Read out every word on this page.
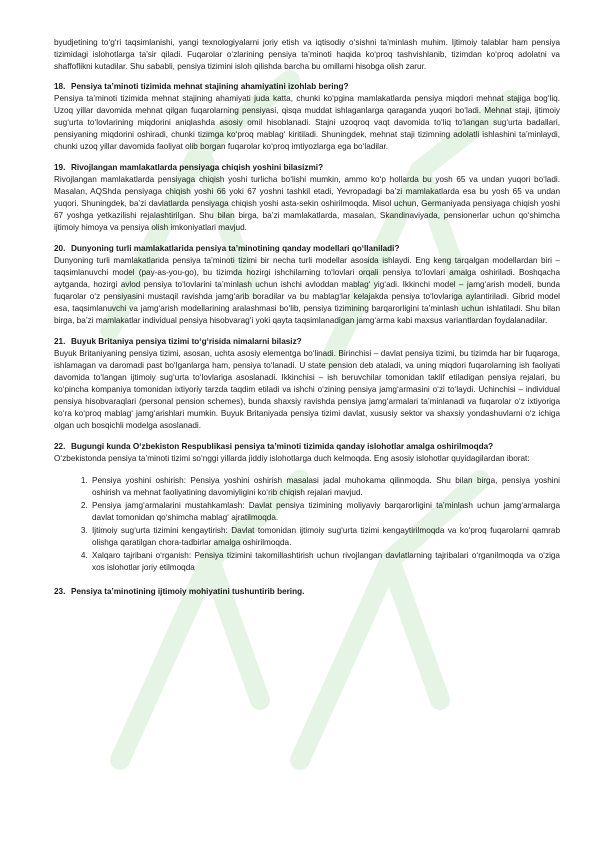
byudjetining to‘g‘ri taqsimlanishi, yangi texnologiyalarni joriy etish va iqtisodiy o‘sishni ta’minlash muhim. Ijtimoiy talablar ham pensiya tizimidagi islohotlarga ta’sir qiladi. Fuqarolar o‘zlarining pensiya ta’minoti haqida ko‘proq tashvishlanib, tizimdan ko‘proq adolatni va shaffoflikni kutadilar. Shu sababli, pensiya tizimini isloh qilishda barcha bu omillarni hisobga olish zarur.

18. Pensiya ta’minoti tizimida mehnat stajining ahamiyatini izohlab bering?

Pensiya ta’minoti tizimida mehnat stajining ahamiyati juda katta, chunki ko‘pgina mamlakatlarda pensiya miqdori mehnat stajiga bog‘liq. Uzoq yillar davomida mehnat qilgan fuqarolarning pensiyasi, qisqa muddat ishlaganlarga qaraganda yuqori bo‘ladi. Mehnat staji, ijtimoiy sug‘urta to‘lovlarining miqdorini aniqlashda asosiy omil hisoblanadi. Stajni uzoqroq vaqt davomida to‘liq to‘langan sug‘urta badallari, pensiyaning miqdorini oshiradi, chunki tizimga ko‘proq mablag‘ kiritiladi. Shuningdek, mehnat staji tizimning adolatli ishlashini ta’minlaydi, chunki uzoq yillar davomida faoliyat olib borgan fuqarolar ko‘proq imtiyozlarga ega bo‘ladilar.

19. Rivojlangan mamlakatlarda pensiyaga chiqish yoshini bilasizmi?

Rivojlangan mamlakatlarda pensiyaga chiqish yoshi turlicha bo‘lishi mumkin, ammo ko‘p hollarda bu yosh 65 va undan yuqori bo‘ladi. Masalan, AQShda pensiyaga chiqish yoshi 66 yoki 67 yoshni tashkil etadi, Yevropadagi ba’zi mamlakatlarda esa bu yosh 65 va undan yuqori. Shuningdek, ba’zi davlatlarda pensiyaga chiqish yoshi asta-sekin oshirilmoqda. Misol uchun, Germaniyada pensiyaga chiqish yoshi 67 yoshga yetkazilishi rejalashtirilgan. Shu bilan birga, ba’zi mamlakatlarda, masalan, Skandinaviyada, pensionerlar uchun qo‘shimcha ijtimoiy himoya va pensiya olish imkoniyatlari mavjud.

20. Dunyoning turli mamlakatlarida pensiya ta’minotining qanday modellari qo‘llaniladi?

Dunyoning turli mamlakatlarida pensiya ta’minoti tizimi bir necha turli modellar asosida ishlaydi. Eng keng tarqalgan modellardan biri – taqsimlanuvchi model (pay-as-you-go), bu tizimda hozirgi ishchilarning to‘lovlari orqali pensiya to‘lovlari amalga oshiriladi. Boshqacha aytganda, hozirgi avlod pensiya to‘lovlarini ta’minlash uchun ishchi avloddan mablag‘ yig‘adi. Ikkinchi model – jamg‘arish modeli, bunda fuqarolar o‘z pensiyasini mustaqil ravishda jamg‘arib boradilar va bu mablag‘lar kelajakda pensiya to‘lovlariga aylantiriladi. Gibrid model esa, taqsimlanuvchi va jamg‘arish modellarining aralashmasi bo‘lib, pensiya tizimining barqarorligini ta’minlash uchun ishlatiladi. Shu bilan birga, ba’zi mamlakatlar individual pensiya hisobvarag‘i yoki qayta taqsimlanadigan jamg‘arma kabi maxsus variantlardan foydalanadilar.

21. Buyuk Britaniya pensiya tizimi to‘g‘risida nimalarni bilasiz?

Buyuk Britaniyaning pensiya tizimi, asosan, uchta asosiy elementga bo‘linadi. Birinchisi – davlat pensiya tizimi, bu tizimda har bir fuqaroga, ishlamagan va daromadi past bo‘lganlarga ham, pensiya to‘lanadi. U state pension deb ataladi, va uning miqdori fuqarolarning ish faoliyati davomida to‘langan ijtimoiy sug‘urta to‘lovlariga asoslanadi. Ikkinchisi – ish beruvchilar tomonidan taklif etiladigan pensiya rejalari, bu ko‘pincha kompaniya tomonidan ixtiyoriy tarzda taqdim etiladi va ishchi o‘zining pensiya jamg‘armasini o‘zi to‘laydi. Uchinchisi – individual pensiya hisobvaraqlari (personal pension schemes), bunda shaxsiy ravishda pensiya jamg‘armalari ta’minlanadi va fuqarolar o‘z ixtiyoriga ko‘ra ko‘proq mablag‘ jamg‘arishlari mumkin. Buyuk Britaniyada pensiya tizimi davlat, xususiy sektor va shaxsiy yondashuvlarni o‘z ichiga olgan uch bosqichli modelga asoslanadi.

22. Bugungi kunda O‘zbekiston Respublikasi pensiya ta’minoti tizimida qanday islohotlar amalga oshirilmoqda?

O‘zbekistonda pensiya ta’minoti tizimi so‘nggi yillarda jiddiy islohotlarga duch kelmoqda. Eng asosiy islohotlar quyidagilardan iborat:

1. Pensiya yoshini oshirish: Pensiya yoshini oshirish masalasi jadal muhokama qilinmoqda. Shu bilan birga, pensiya yoshini oshirish va mehnat faoliyatining davomiyligini ko‘rib chiqish rejalari mavjud.
2. Pensiya jamg‘armalarini mustahkamlash: Davlat pensiya tizimining moliyaviy barqarorligini ta’minlash uchun jamg‘armalarga davlat tomonidan qo‘shimcha mablag‘ ajratilmoqda.
3. Ijtimoiy sug‘urta tizimini kengaytirish: Davlat tomonidan ijtimoiy sug‘urta tizimi kengaytirilmoqda va ko‘proq fuqarolarni qamrab olishga qaratilgan chora-tadbirlar amalga oshirilmoqda.
4. Xalqaro tajribani o‘rganish: Pensiya tizimini takomillashtirish uchun rivojlangan davlatlarning tajribalari o‘rganilmoqda va o‘ziga xos islohotlar joriy etilmoqda
23. Pensiya ta’minotining ijtimoiy mohiyatini tushuntirib bering.
